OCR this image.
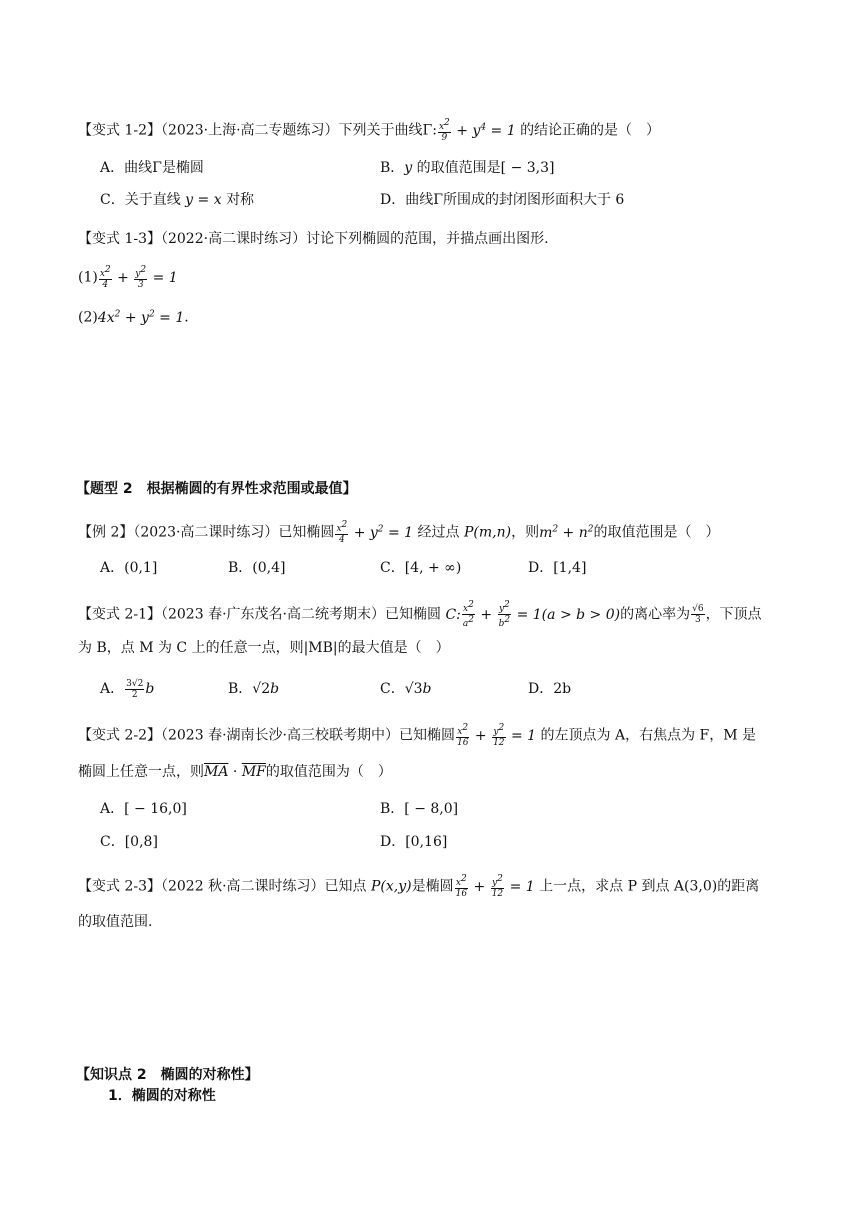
【变式 1-2】（2023·上海·高二专题练习）下列关于曲线Γ: $\frac{x^2}{9} + y^4 = 1$ 的结论正确的是（　）
A．曲线Γ是椭圆	B．y 的取值范围是[ − 3,3]
C．关于直线 y = x 对称	D．曲线Γ所围成的封闭图形面积大于 6
【变式 1-3】（2022·高二课时练习）讨论下列椭圆的范围，并描点画出图形.
$(1) \frac{x^2}{4} + \frac{y^2}{3} = 1$
$(2)4x^2 + y^2 = 1$.
【题型 2　根据椭圆的有界性求范围或最值】
【例 2】（2023·高二课时练习）已知椭圆 $\frac{x^2}{4} + y^2 = 1$ 经过点 P(m,n)，则$m^2 + n^2$的取值范围是（　）
A．(0,1]	B．(0,4]	C．[4, + ∞)	D．[1,4]
【变式 2-1】（2023 春·广东茂名·高二统考期末）已知椭圆 C: $\frac{x^2}{a^2} + \frac{y^2}{b^2} = 1(a > b > 0)$的离心率为 $\frac{√6}{3}$ ，下顶点
为 B，点 M 为 C 上的任意一点，则|MB|的最大值是（　）
A． $\frac{3√2}{2}$ b	B．√2b	C．√3b	D．2b
【变式 2-2】（2023 春·湖南长沙·高三校联考期中）已知椭圆 $\frac{x^2}{16} + \frac{y^2}{12} = 1$ 的左顶点为 A，右焦点为 F，M 是
椭圆上任意一点，则$\overline{MA} \cdot \overline{MF}$的取值范围为（　）
A．[ − 16,0]	B．[ − 8,0]
C．[0,8]	D．[0,16]
【变式 2-3】（2022 秋·高二课时练习）已知点 P(x,y)是椭圆 $\frac{x^2}{16} + \frac{y^2}{12} = 1$ 上一点，求点 P 到点 A(3,0)的距离
的取值范围.
【知识点 2　椭圆的对称性】
1．椭圆的对称性
